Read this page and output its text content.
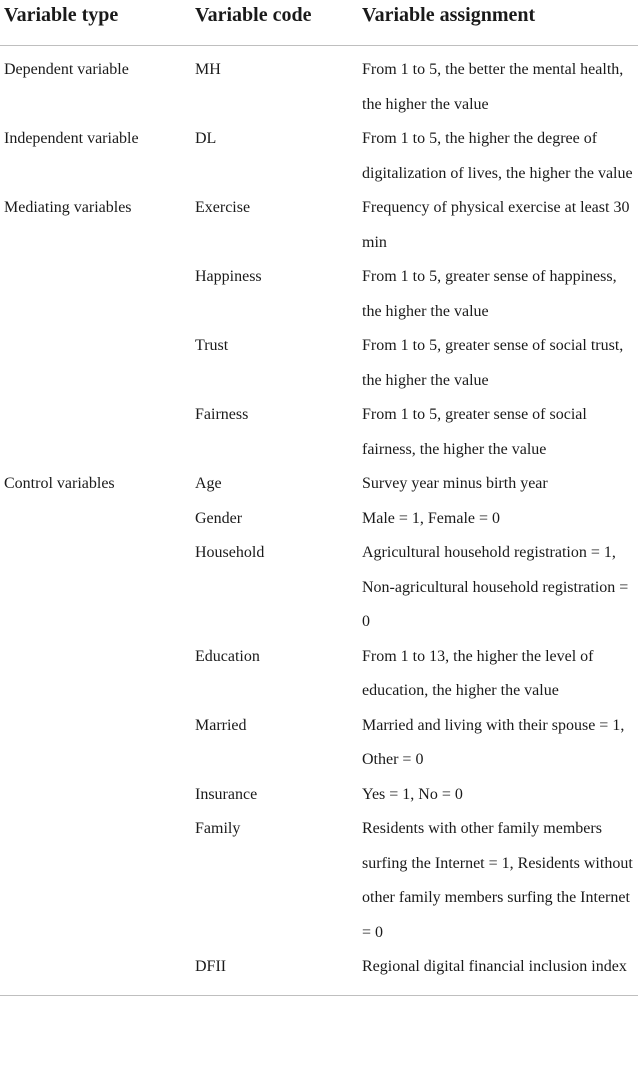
Variable type	Variable code	Variable assignment
Dependent variable	MH	From 1 to 5, the better the mental health, the higher the value
Independent variable	DL	From 1 to 5, the higher the degree of digitalization of lives, the higher the value
Mediating variables	Exercise	Frequency of physical exercise at least 30 min
	Happiness	From 1 to 5, greater sense of happiness, the higher the value
	Trust	From 1 to 5, greater sense of social trust, the higher the value
	Fairness	From 1 to 5, greater sense of social fairness, the higher the value
Control variables	Age	Survey year minus birth year
	Gender	Male = 1, Female = 0
	Household	Agricultural household registration = 1, Non-agricultural household registration = 0
	Education	From 1 to 13, the higher the level of education, the higher the value
	Married	Married and living with their spouse = 1, Other = 0
	Insurance	Yes = 1, No = 0
	Family	Residents with other family members surfing the Internet = 1, Residents without other family members surfing the Internet = 0
	DFII	Regional digital financial inclusion index
